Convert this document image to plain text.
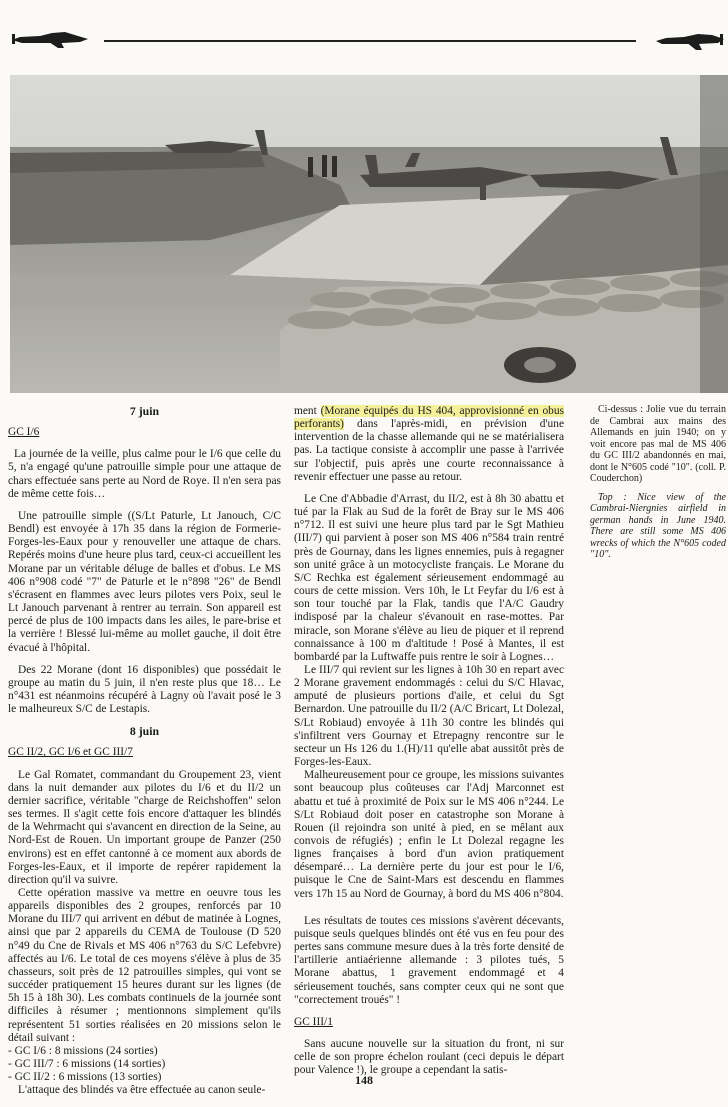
7 juin

GC I/6

La journée de la veille, plus calme pour le I/6 que celle du 5, n'a engagé qu'une patrouille simple pour une attaque de chars effectuée sans perte au Nord de Roye. Il n'en sera pas de même cette fois…

Une patrouille simple ((S/Lt Paturle, Lt Janouch, C/C Bendl) est envoyée à 17h 35 dans la région de Formerie-Forges-les-Eaux pour y renouveller une attaque de chars. Repérés moins d'une heure plus tard, ceux-ci accueillent les Morane par un véritable déluge de balles et d'obus. Le MS 406 n°908 codé "7" de Paturle et le n°898 "26" de Bendl s'écrasent en flammes avec leurs pilotes vers Poix, seul le Lt Janouch parvenant à rentrer au terrain. Son appareil est percé de plus de 100 impacts dans les ailes, le pare-brise et la verrière ! Blessé lui-même au mollet gauche, il doit être évacué à l'hôpital.

Des 22 Morane (dont 16 disponibles) que possédait le groupe au matin du 5 juin, il n'en reste plus que 18… Le n°431 est néanmoins récupéré à Lagny où l'avait posé le 3 le malheureux S/C de Lestapis.

8 juin

GC II/2, GC I/6 et GC III/7

Le Gal Romatet, commandant du Groupement 23, vient dans la nuit demander aux pilotes du I/6 et du II/2 un dernier sacrifice, véritable "charge de Reichshoffen" selon ses termes. Il s'agit cette fois encore d'attaquer les blindés de la Wehrmacht qui s'avancent en direction de la Seine, au Nord-Est de Rouen. Un important groupe de Panzer (250 environs) est en effet cantonné à ce moment aux abords de Forges-les-Eaux, et il importe de repérer rapidement la direction qu'il va suivre.

Cette opération massive va mettre en oeuvre tous les appareils disponibles des 2 groupes, renforcés par 10 Morane du III/7 qui arrivent en début de matinée à Lognes, ainsi que par 2 appareils du CEMA de Toulouse (D 520 n°49 du Cne de Rivals et MS 406 n°763 du S/C Lefebvre) affectés au I/6. Le total de ces moyens s'élève à plus de 35 chasseurs, soit près de 12 patrouilles simples, qui vont se succéder pratiquement 15 heures durant sur les lignes (de 5h 15 à 18h 30). Les combats continuels de la journée sont difficiles à résumer ; mentionnons simplement qu'ils représentent 51 sorties réalisées en 20 missions selon le détail suivant :

- GC I/6 : 8 missions (24 sorties)
- GC III/7 : 6 missions (14 sorties)
- GC II/2 : 6 missions (13 sorties)

L'attaque des blindés va être effectuée au canon seule-

ment (Morane équipés du HS 404, approvisionné en obus perforants) dans l'après-midi, en prévision d'une intervention de la chasse allemande qui ne se matérialisera pas. La tactique consiste à accomplir une passe à l'arrivée sur l'objectif, puis après une courte reconnaissance à revenir effectuer une passe au retour.

Le Cne d'Abbadie d'Arrast, du II/2, est à 8h 30 abattu et tué par la Flak au Sud de la forêt de Bray sur le MS 406 n°712. Il est suivi une heure plus tard par le Sgt Mathieu (III/7) qui parvient à poser son MS 406 n°584 train rentré près de Gournay, dans les lignes ennemies, puis à regagner son unité grâce à un motocycliste français. Le Morane du S/C Rechka est également sérieusement endommagé au cours de cette mission. Vers 10h, le Lt Feyfar du I/6 est à son tour touché par la Flak, tandis que l'A/C Gaudry indisposé par la chaleur s'évanouit en rase-mottes. Par miracle, son Morane s'élève au lieu de piquer et il reprend connaissance à 100 m d'altitude ! Posé à Mantes, il est bombardé par la Luftwaffe puis rentre le soir à Lognes…

Le III/7 qui revient sur les lignes à 10h 30 en repart avec 2 Morane gravement endommagés : celui du S/C Hlavac, amputé de plusieurs portions d'aile, et celui du Sgt Bernardon. Une patrouille du II/2 (A/C Bricart, Lt Dolezal, S/Lt Robiaud) envoyée à 11h 30 contre les blindés qui s'infiltrent vers Gournay et Etrepagny rencontre sur le secteur un Hs 126 du 1.(H)/11 qu'elle abat aussitôt près de Forges-les-Eaux.

Malheureusement pour ce groupe, les missions suivantes sont beaucoup plus coûteuses car l'Adj Marconnet est abattu et tué à proximité de Poix sur le MS 406 n°244. Le S/Lt Robiaud doit poser en catastrophe son Morane à Rouen (il rejoindra son unité à pied, en se mêlant aux convois de réfugiés) ; enfin le Lt Dolezal regagne les lignes françaises à bord d'un avion pratiquement désemparé… La dernière perte du jour est pour le I/6, puisque le Cne de Saint-Mars est descendu en flammes vers 17h 15 au Nord de Gournay, à bord du MS 406 n°804.

Les résultats de toutes ces missions s'avèrent décevants, puisque seuls quelques blindés ont été vus en feu pour des pertes sans commune mesure dues à la très forte densité de l'artillerie antiaérienne allemande : 3 pilotes tués, 5 Morane abattus, 1 gravement endommagé et 4 sérieusement touchés, sans compter ceux qui ne sont que "correctement troués" !

GC III/1

Sans aucune nouvelle sur la situation du front, ni sur celle de son propre échelon roulant (ceci depuis le départ pour Valence !), le groupe a cependant la satis-

Ci-dessus : Jolie vue du terrain de Cambrai aux mains des Allemands en juin 1940; on y voit encore pas mal de MS 406 du GC III/2 abandonnés en mai, dont le N°605 codé "10". (coll. P. Couderchon)

Top : Nice view of the Cambrai-Niergnies airfield in german hands in June 1940. There are still some MS 406 wrecks of which the N°605 coded "10".

148
